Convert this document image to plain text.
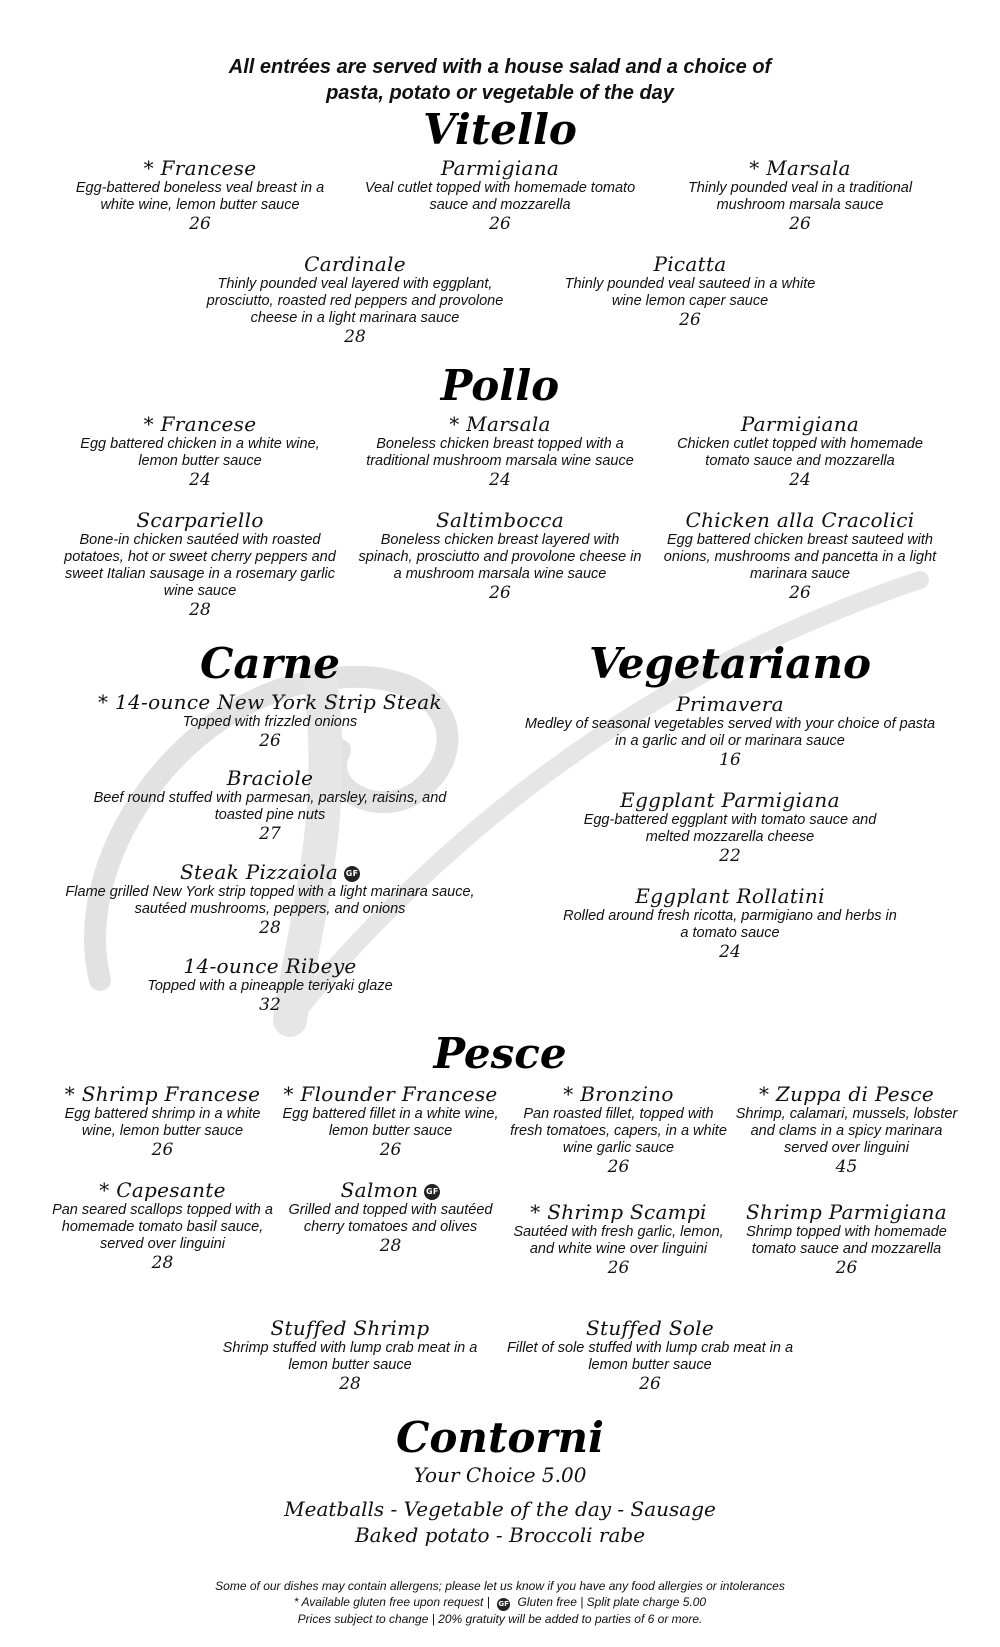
All entrées are served with a house salad and a choice of
pasta, potato or vegetable of the day
Vitello
* Francese
Egg-battered boneless veal breast in a white wine, lemon butter sauce
26
Parmigiana
Veal cutlet topped with homemade tomato sauce and mozzarella
26
* Marsala
Thinly pounded veal in a traditional mushroom marsala sauce
26
Cardinale
Thinly pounded veal layered with eggplant, prosciutto, roasted red peppers and provolone cheese in a light marinara sauce
28
Picatta
Thinly pounded veal sauteed in a white wine lemon caper sauce
26
Pollo
* Francese
Egg battered chicken in a white wine, lemon butter sauce
24
* Marsala
Boneless chicken breast topped with a traditional mushroom marsala wine sauce
24
Parmigiana
Chicken cutlet topped with homemade tomato sauce and mozzarella
24
Scarpariello
Bone-in chicken sautéed with roasted potatoes, hot or sweet cherry peppers and sweet Italian sausage in a rosemary garlic wine sauce
28
Saltimbocca
Boneless chicken breast layered with spinach, prosciutto and provolone cheese in a mushroom marsala wine sauce
26
Chicken alla Cracolici
Egg battered chicken breast sauteed with onions, mushrooms and pancetta in a light marinara sauce
26
Carne
* 14-ounce New York Strip Steak
Topped with frizzled onions
26
Braciole
Beef round stuffed with parmesan, parsley, raisins, and toasted pine nuts
27
Steak Pizzaiola GF
Flame grilled New York strip topped with a light marinara sauce, sautéed mushrooms, peppers, and onions
28
14-ounce Ribeye
Topped with a pineapple teriyaki glaze
32
Vegetariano
Primavera
Medley of seasonal vegetables served with your choice of pasta in a garlic and oil or marinara sauce
16
Eggplant Parmigiana
Egg-battered eggplant with tomato sauce and melted mozzarella cheese
22
Eggplant Rollatini
Rolled around fresh ricotta, parmigiano and herbs in a tomato sauce
24
Pesce
* Shrimp Francese
Egg battered shrimp in a white wine, lemon butter sauce
26
* Flounder Francese
Egg battered fillet in a white wine, lemon butter sauce
26
* Bronzino
Pan roasted fillet, topped with fresh tomatoes, capers, in a white wine garlic sauce
26
* Zuppa di Pesce
Shrimp, calamari, mussels, lobster and clams in a spicy marinara served over linguini
45
* Capesante
Pan seared scallops topped with a homemade tomato basil sauce, served over linguini
28
Salmon GF
Grilled and topped with sautéed cherry tomatoes and olives
28
* Shrimp Scampi
Sautéed with fresh garlic, lemon, and white wine over linguini
26
Shrimp Parmigiana
Shrimp topped with homemade tomato sauce and mozzarella
26
Stuffed Shrimp
Shrimp stuffed with lump crab meat in a lemon butter sauce
28
Stuffed Sole
Fillet of sole stuffed with lump crab meat in a lemon butter sauce
26
Contorni
Your Choice 5.00
Meatballs - Vegetable of the day - Sausage
Baked potato - Broccoli rabe
Some of our dishes may contain allergens; please let us know if you have any food allergies or intolerances
* Available gluten free upon request | GF Gluten free | Split plate charge 5.00
Prices subject to change | 20% gratuity will be added to parties of 6 or more.
